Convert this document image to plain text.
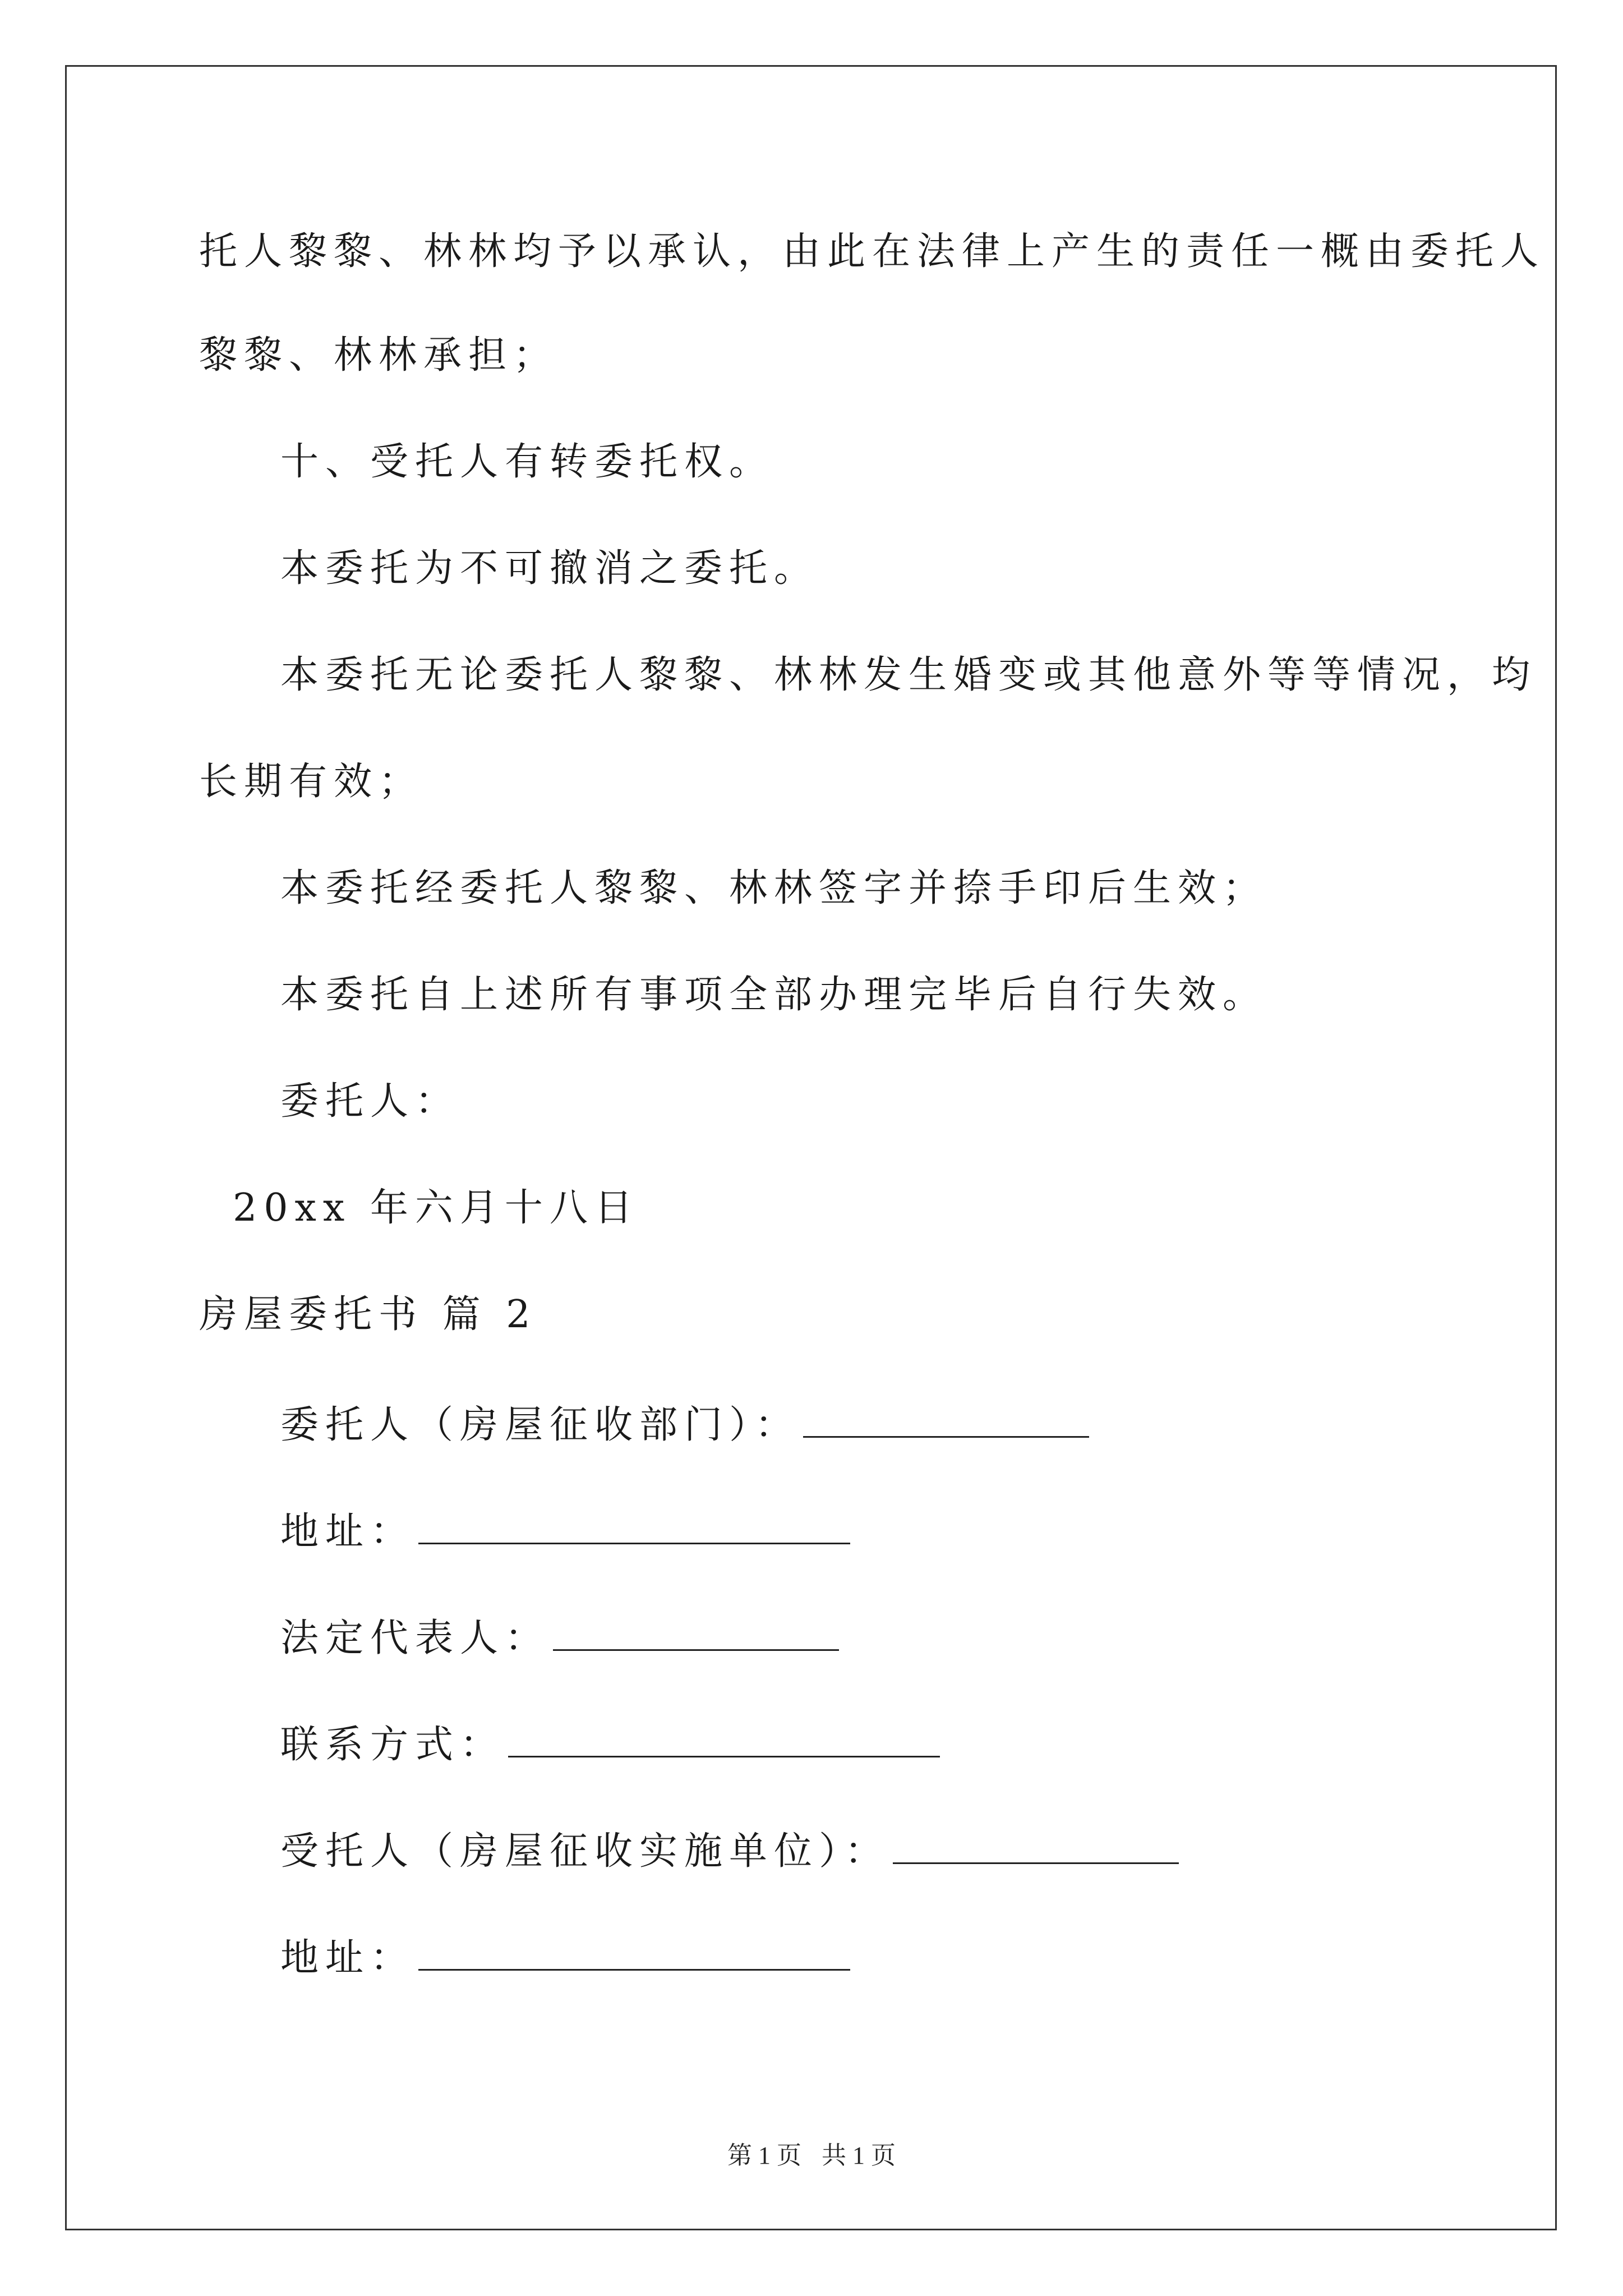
托人黎黎、林林均予以承认，由此在法律上产生的责任一概由委托人
黎黎、林林承担；
十、受托人有转委托权。
本委托为不可撤消之委托。
本委托无论委托人黎黎、林林发生婚变或其他意外等等情况，均
长期有效；
本委托经委托人黎黎、林林签字并捺手印后生效；
本委托自上述所有事项全部办理完毕后自行失效。
委托人：
20xx 年六月十八日
房屋委托书 篇 2
委托人（房屋征收部门）：
地址：
法定代表人：
联系方式：
受托人（房屋征收实施单位）：
地址：
第 1 页 共 1 页
